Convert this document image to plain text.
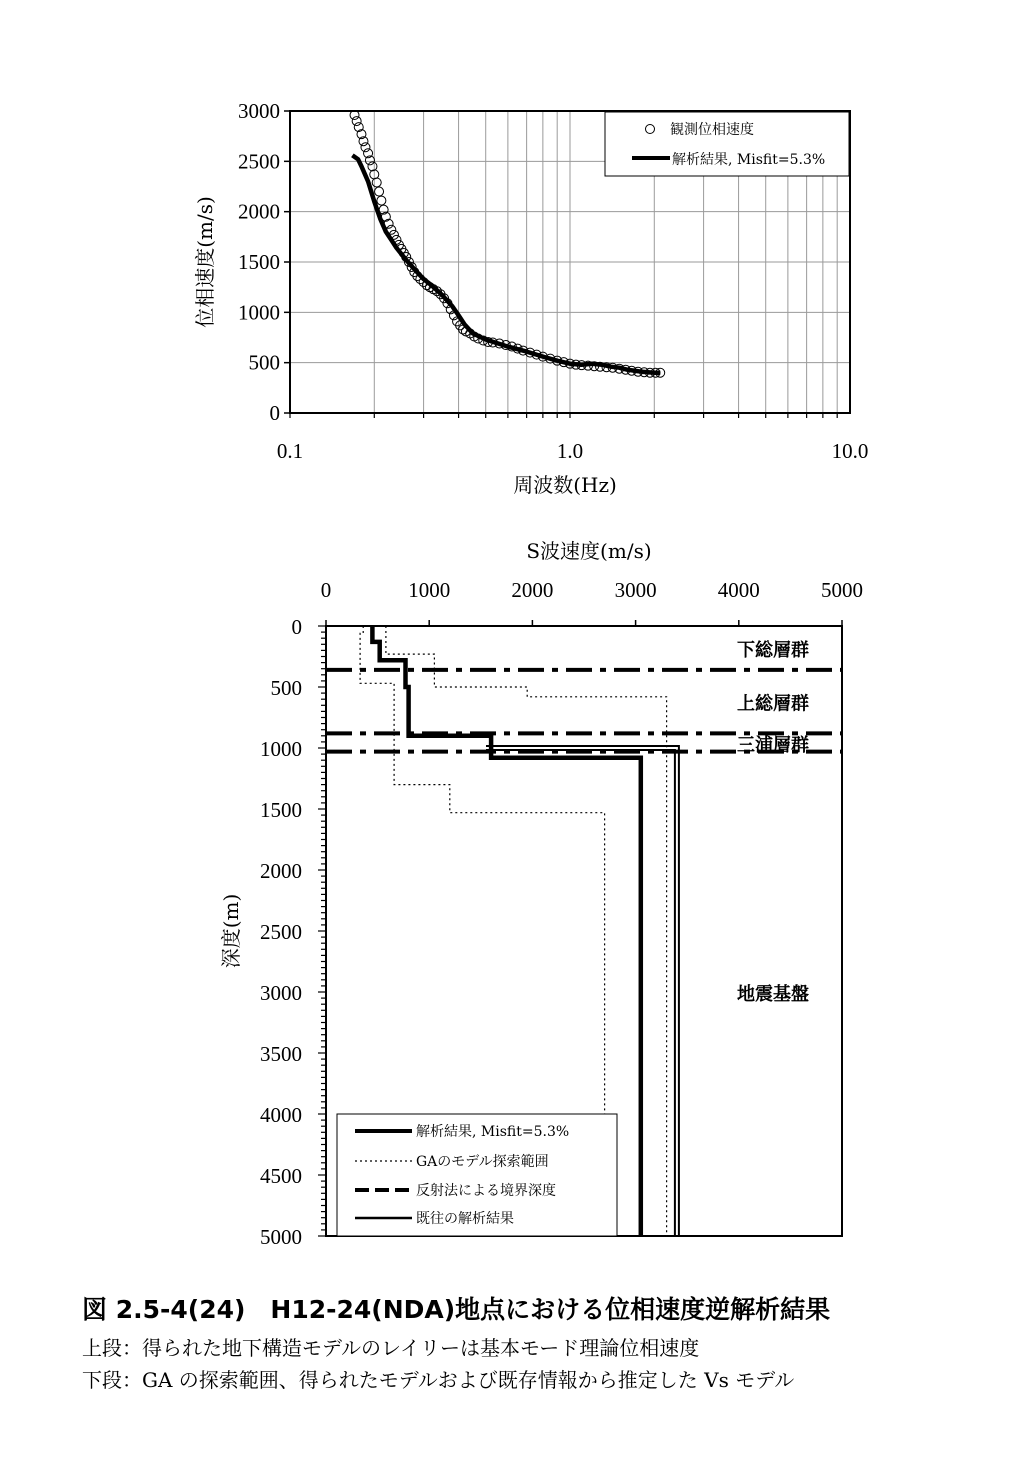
0
500
1000
1500
2000
2500
3000
0.1	1.0	10.0
周波数(Hz)
位相速度(m/s)
観測位相速度
解析結果, Misfit=5.3%
S波速度(m/s)
0	1000	2000	3000	4000	5000
0
500
1000
1500
2000
2500
3000
3500
4000
4500
5000
深度(m)
下総層群
上総層群
三浦層群
地震基盤
解析結果, Misfit=5.3%
GAのモデル探索範囲
反射法による境界深度
既往の解析結果
図 2.5-4(24)　H12-24(NDA)地点における位相速度逆解析結果
上段：得られた地下構造モデルのレイリーは基本モード理論位相速度
下段：GA の探索範囲、得られたモデルおよび既存情報から推定した Vs モデル
